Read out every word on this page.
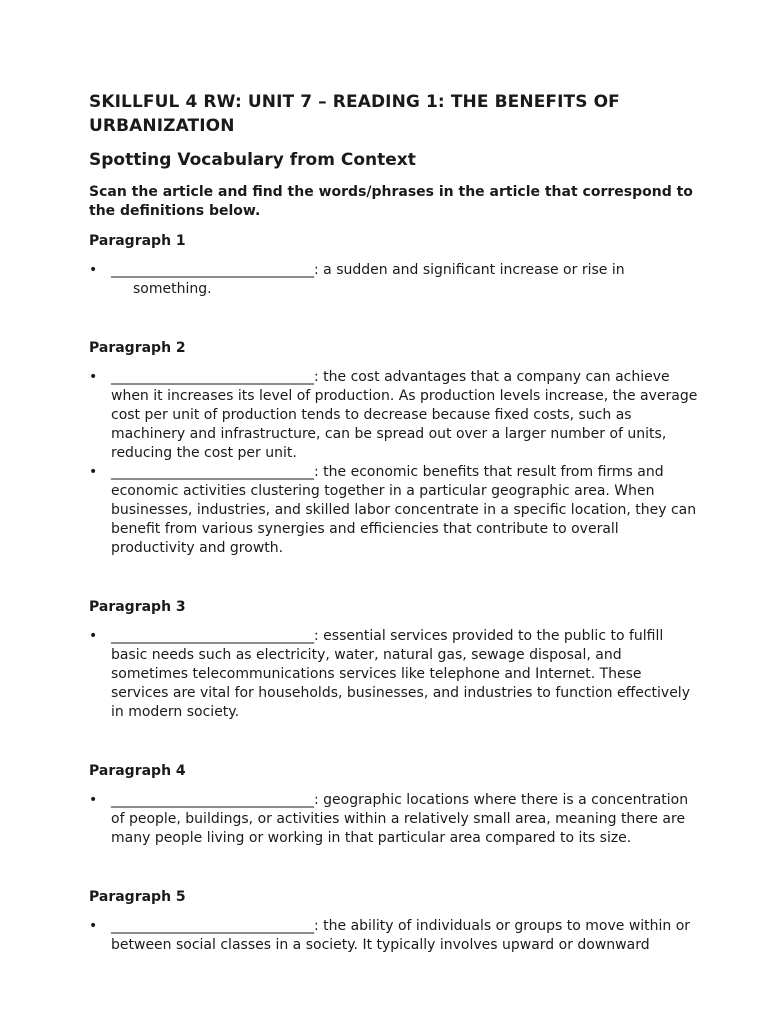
SKILLFUL 4 RW: UNIT 7 – READING 1: THE BENEFITS OF URBANIZATION
Spotting Vocabulary from Context

Scan the article and find the words/phrases in the article that correspond to the definitions below.

Paragraph 1

• _____________________________: a sudden and significant increase or rise in
something.

Paragraph 2

• _____________________________: the cost advantages that a company can achieve when it increases its level of production. As production levels increase, the average cost per unit of production tends to decrease because fixed costs, such as machinery and infrastructure, can be spread out over a larger number of units, reducing the cost per unit.
• _____________________________: the economic benefits that result from firms and economic activities clustering together in a particular geographic area. When businesses, industries, and skilled labor concentrate in a specific location, they can benefit from various synergies and efficiencies that contribute to overall productivity and growth.

Paragraph 3

• _____________________________: essential services provided to the public to fulfill basic needs such as electricity, water, natural gas, sewage disposal, and sometimes telecommunications services like telephone and Internet. These services are vital for households, businesses, and industries to function effectively in modern society.

Paragraph 4

• _____________________________: geographic locations where there is a concentration of people, buildings, or activities within a relatively small area, meaning there are many people living or working in that particular area compared to its size.

Paragraph 5

• _____________________________: the ability of individuals or groups to move within or between social classes in a society. It typically involves upward or downward
